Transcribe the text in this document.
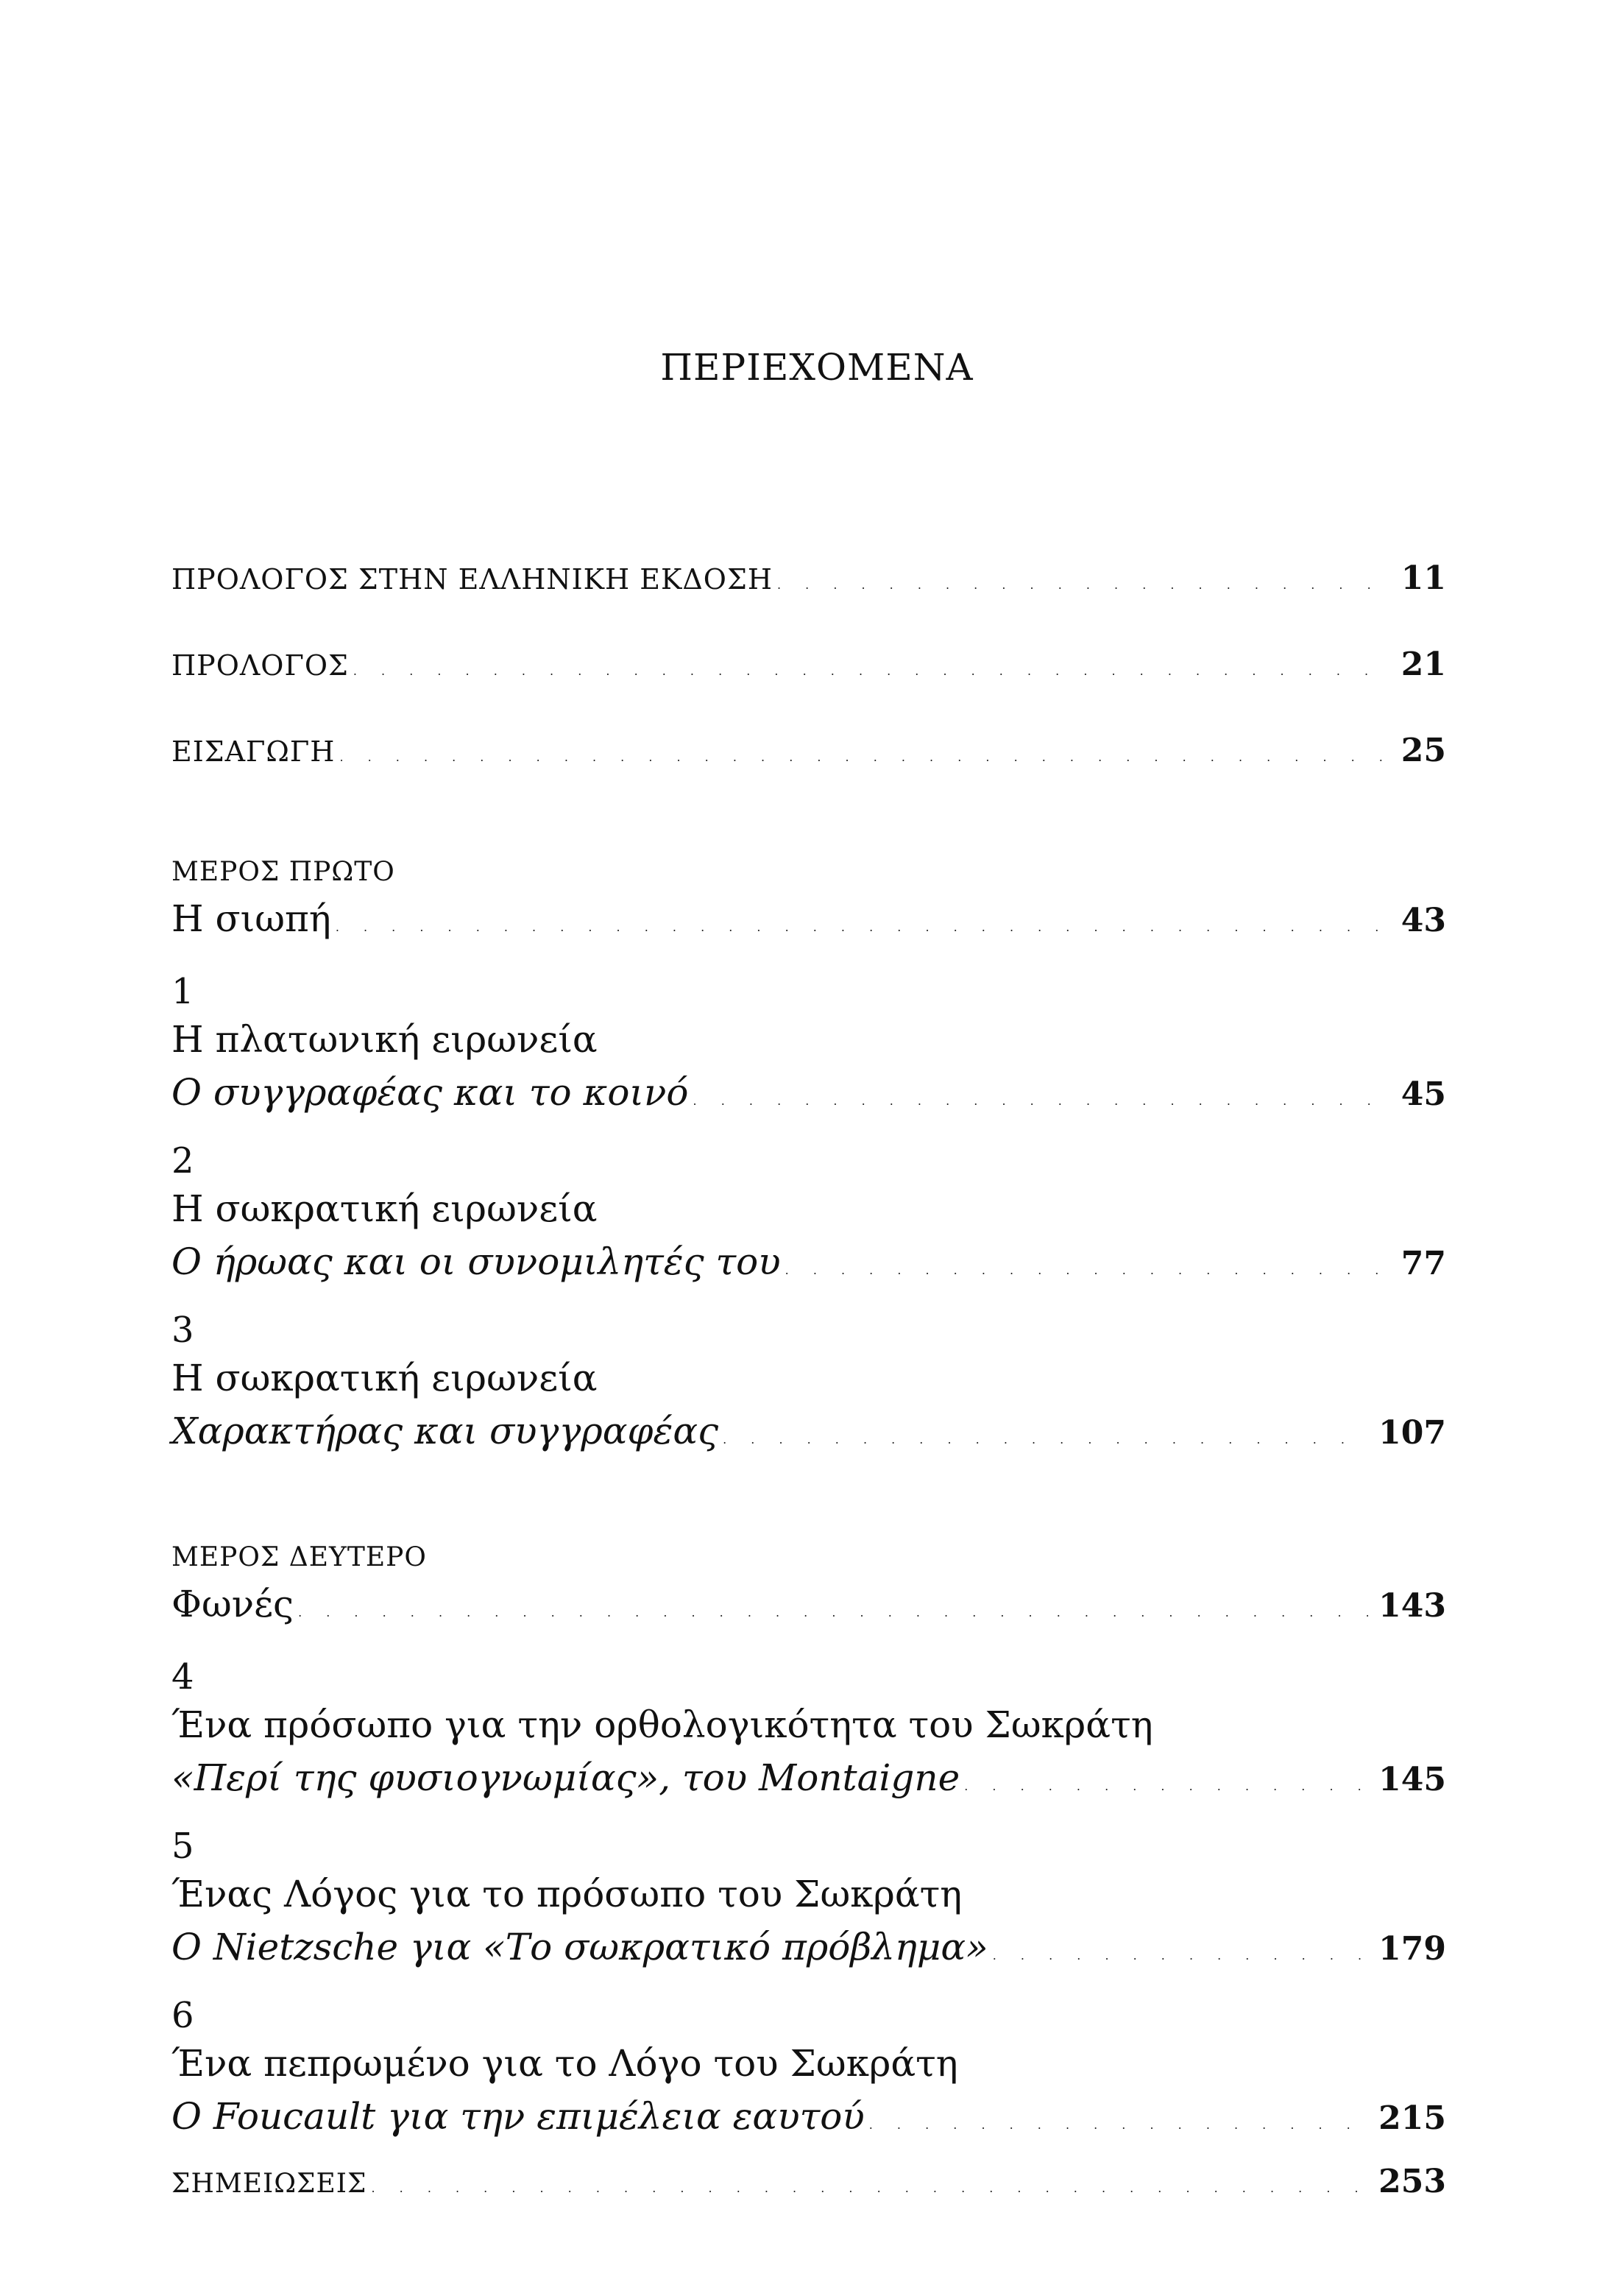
ΠΕΡΙΕΧΟΜΕΝΑ
ΠΡΟΛΟΓΟΣ ΣΤΗΝ ΕΛΛΗΝΙΚΗ ΕΚΔΟΣΗ . . .	11
ΠΡΟΛΟΓΟΣ . . .	21
ΕΙΣΑΓΩΓΗ . . .	25
ΜΕΡΟΣ ΠΡΩΤΟ
Η σιωπή . . .	43
1
Η πλατωνική ειρωνεία
Ο συγγραφέας και το κοινό . . .	45
2
Η σωκρατική ειρωνεία
Ο ήρωας και οι συνομιλητές του . . .	77
3
Η σωκρατική ειρωνεία
Χαρακτήρας και συγγραφέας . . .	107
ΜΕΡΟΣ ΔΕΥΤΕΡΟ
Φωνές . . .	143
4
Ένα πρόσωπο για την ορθολογικότητα του Σωκράτη
«Περί της φυσιογνωμίας», του Montaigne . . .	145
5
Ένας Λόγος για το πρόσωπο του Σωκράτη
Ο Nietzsche για «Το σωκρατικό πρόβλημα» . . .	179
6
Ένα πεπρωμένο για το Λόγο του Σωκράτη
Ο Foucault για την επιμέλεια εαυτού . . .	215
ΣΗΜΕΙΩΣΕΙΣ . . .	253
